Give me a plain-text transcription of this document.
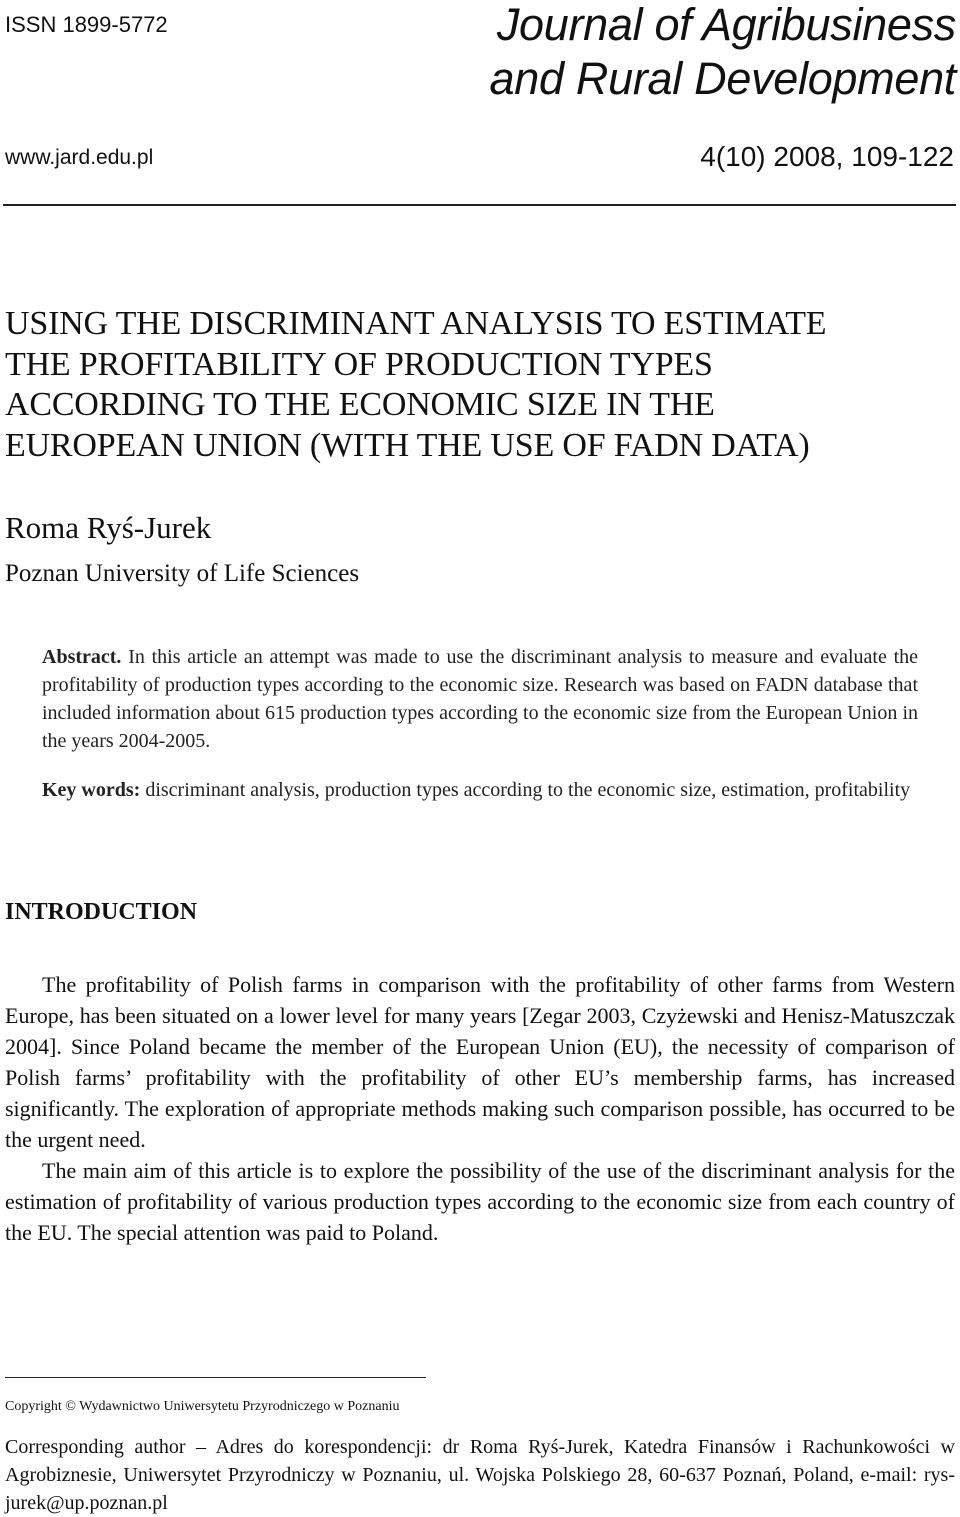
ISSN 1899-5772	Journal of Agribusiness
and Rural Development
www.jard.edu.pl	4(10) 2008, 109-122
USING THE DISCRIMINANT ANALYSIS TO ESTIMATE
THE PROFITABILITY OF PRODUCTION TYPES
ACCORDING TO THE ECONOMIC SIZE IN THE
EUROPEAN UNION (WITH THE USE OF FADN DATA)
Roma Ryś-Jurek
Poznan University of Life Sciences
Abstract. In this article an attempt was made to use the discriminant analysis to measure and evaluate the profitability of production types according to the economic size. Research was based on FADN database that included information about 615 production types according to the economic size from the European Union in the years 2004-2005.
Key words: discriminant analysis, production types according to the economic size, estimation, profitability
INTRODUCTION

The profitability of Polish farms in comparison with the profitability of other farms from Western Europe, has been situated on a lower level for many years [Zegar 2003, Czyżewski and Henisz-Matuszczak 2004]. Since Poland became the member of the European Union (EU), the necessity of comparison of Polish farms’ profitability with the profitability of other EU’s membership farms, has increased significantly. The exploration of appropriate methods making such comparison possible, has occurred to be the urgent need.

The main aim of this article is to explore the possibility of the use of the discriminant analysis for the estimation of profitability of various production types according to the economic size from each country of the EU. The special attention was paid to Poland.

Copyright © Wydawnictwo Uniwersytetu Przyrodniczego w Poznaniu
Corresponding author – Adres do korespondencji: dr Roma Ryś-Jurek, Katedra Finansów i Rachunkowości w Agrobiznesie, Uniwersytet Przyrodniczy w Poznaniu, ul. Wojska Polskiego 28, 60-637 Poznań, Poland, e-mail: rys-jurek@up.poznan.pl
